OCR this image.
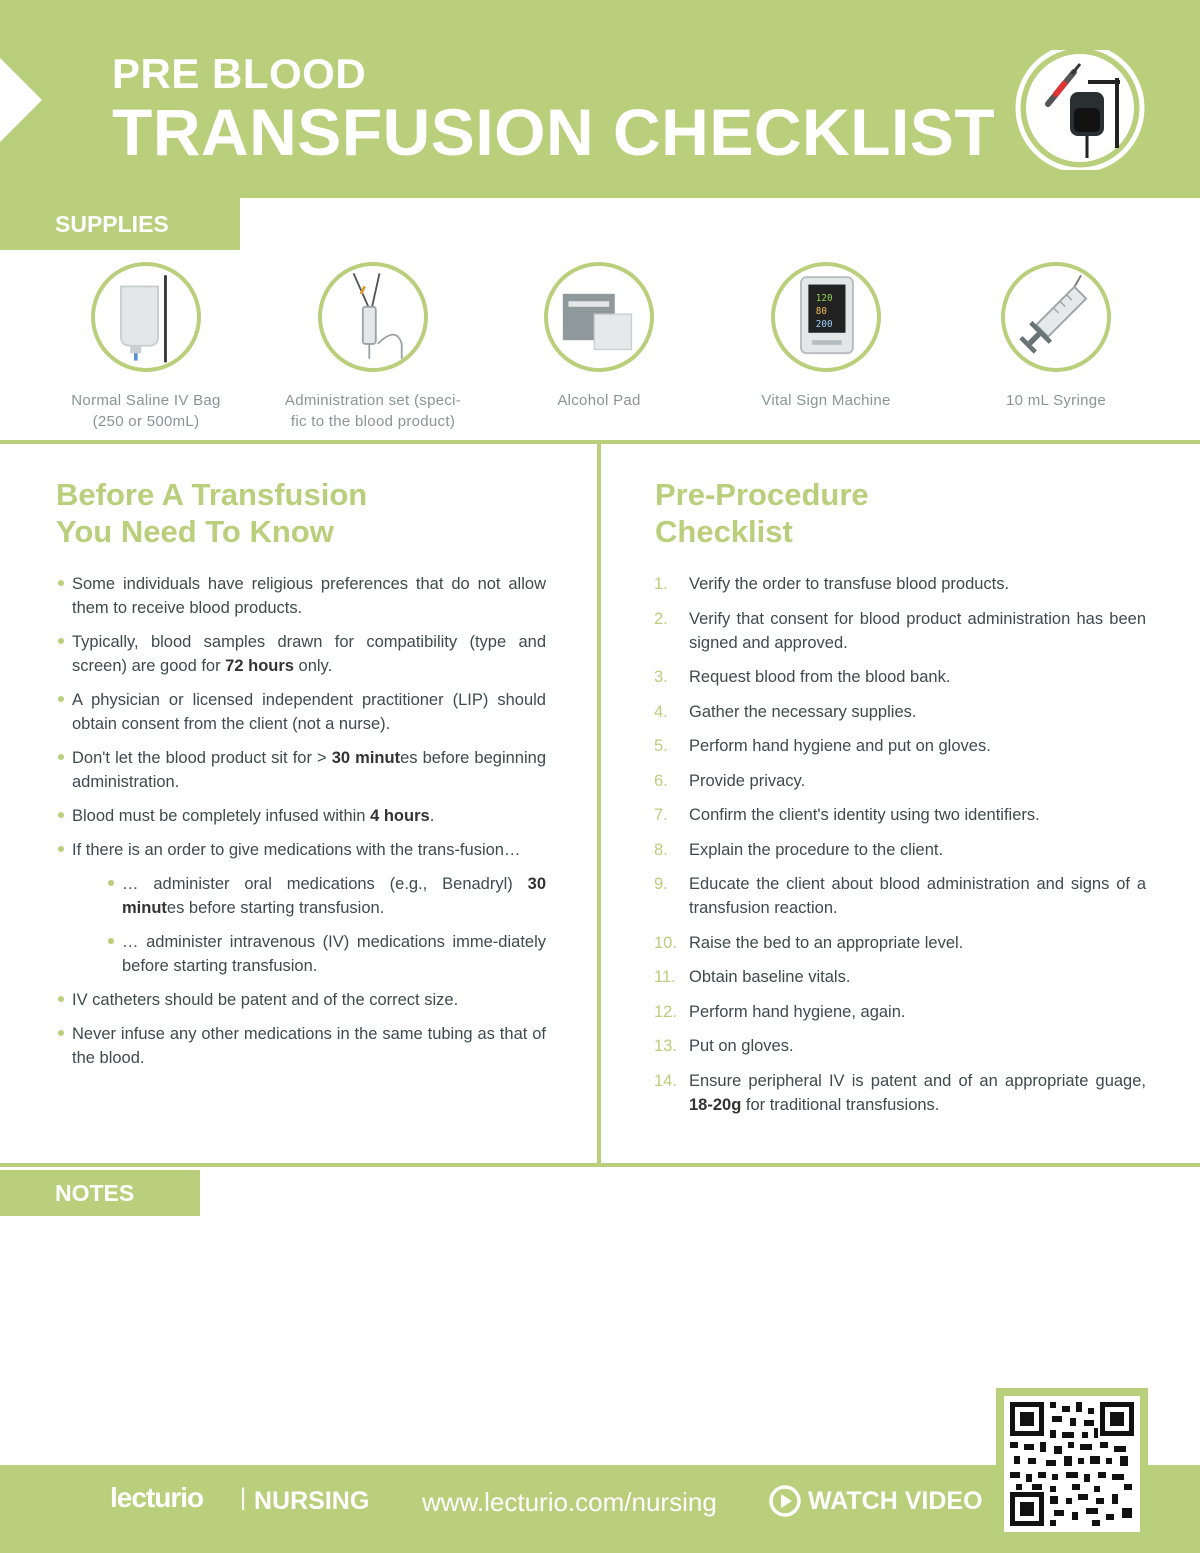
PRE BLOOD
TRANSFUSION CHECKLIST
SUPPLIES
Normal Saline IV Bag
(250 or 500mL)
Administration set (speci-
fic to the blood product)
Alcohol Pad
120
80
200
Vital Sign Machine	10 mL Syringe
Before A Transfusion
You Need To Know
Some individuals have religious preferences that do not allow them to receive blood products.
Typically, blood samples drawn for compatibility (type and screen) are good for 72 hours only.
A physician or licensed independent practitioner (LIP) should obtain consent from the client (not a nurse).
Don't let the blood product sit for > 30 minutes before beginning administration.
Blood must be completely infused within 4 hours.
If there is an order to give medications with the trans-fusion…
… administer oral medications (e.g., Benadryl) 30 minutes before starting transfusion.
… administer intravenous (IV) medications imme-diately before starting transfusion.
IV catheters should be patent and of the correct size.
Never infuse any other medications in the same tubing as that of the blood.
Pre-Procedure
Checklist
1. Verify the order to transfuse blood products.
2. Verify that consent for blood product administration has been signed and approved.
3. Request blood from the blood bank.
4. Gather the necessary supplies.
5. Perform hand hygiene and put on gloves.
6. Provide privacy.
7. Confirm the client's identity using two identifiers.
8. Explain the procedure to the client.
9. Educate the client about blood administration and signs of a transfusion reaction.
10. Raise the bed to an appropriate level.
11. Obtain baseline vitals.
12. Perform hand hygiene, again.
13. Put on gloves.
14. Ensure peripheral IV is patent and of an appropriate guage, 18-20g for traditional transfusions.
NOTES
lecturio | NURSING www.lecturio.com/nursing	WATCH VIDEO
